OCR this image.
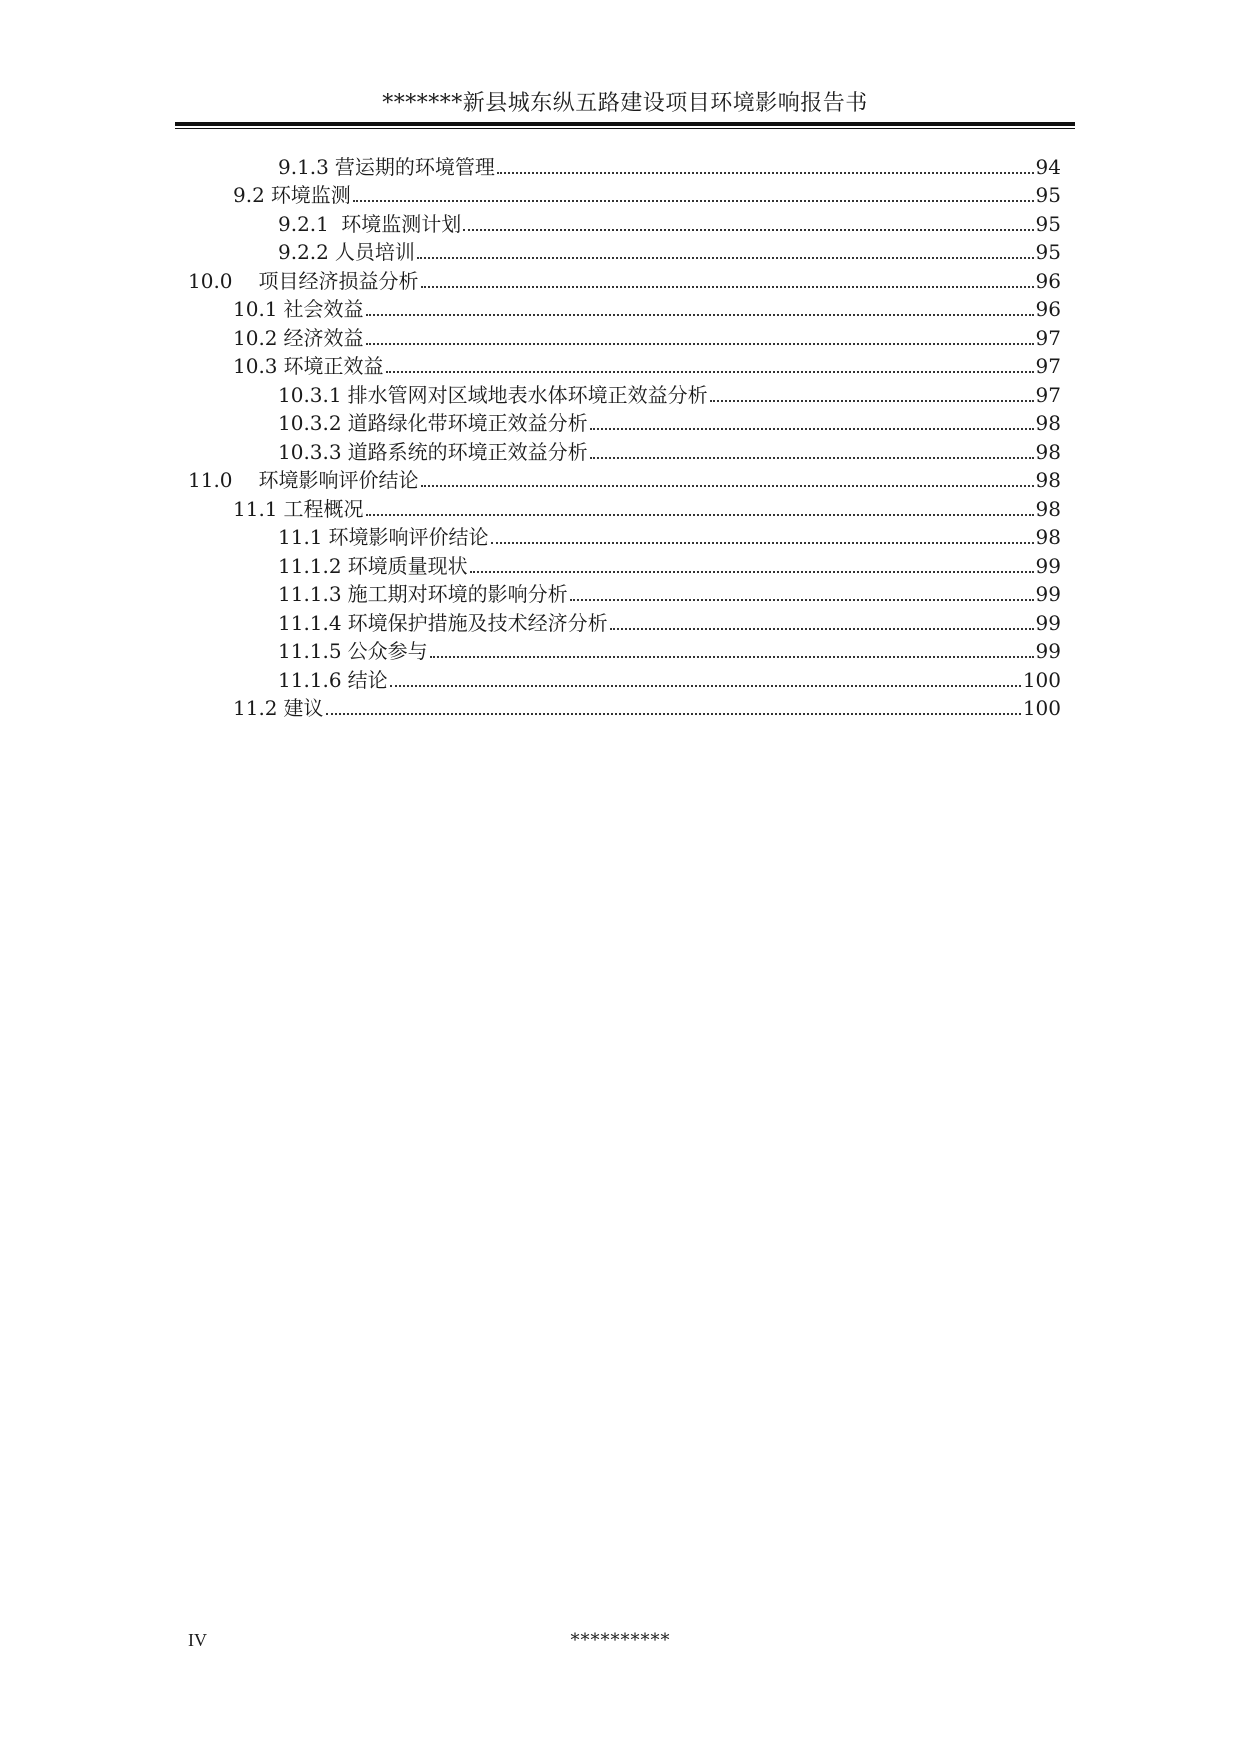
*******新县城东纵五路建设项目环境影响报告书
9.1.3 营运期的环境管理	94
9.2 环境监测	95
9.2.1 环境监测计划	95
9.2.2 人员培训	95
10.0 项目经济损益分析	96
10.1 社会效益	96
10.2 经济效益	97
10.3 环境正效益	97
10.3.1 排水管网对区域地表水体环境正效益分析	97
10.3.2 道路绿化带环境正效益分析	98
10.3.3 道路系统的环境正效益分析	98
11.0 环境影响评价结论	98
11.1 工程概况	98
11.1 环境影响评价结论	98
11.1.2 环境质量现状	99
11.1.3 施工期对环境的影响分析	99
11.1.4 环境保护措施及技术经济分析	99
11.1.5 公众参与	99
11.1.6 结论	100
11.2 建议	100
IV	**********
